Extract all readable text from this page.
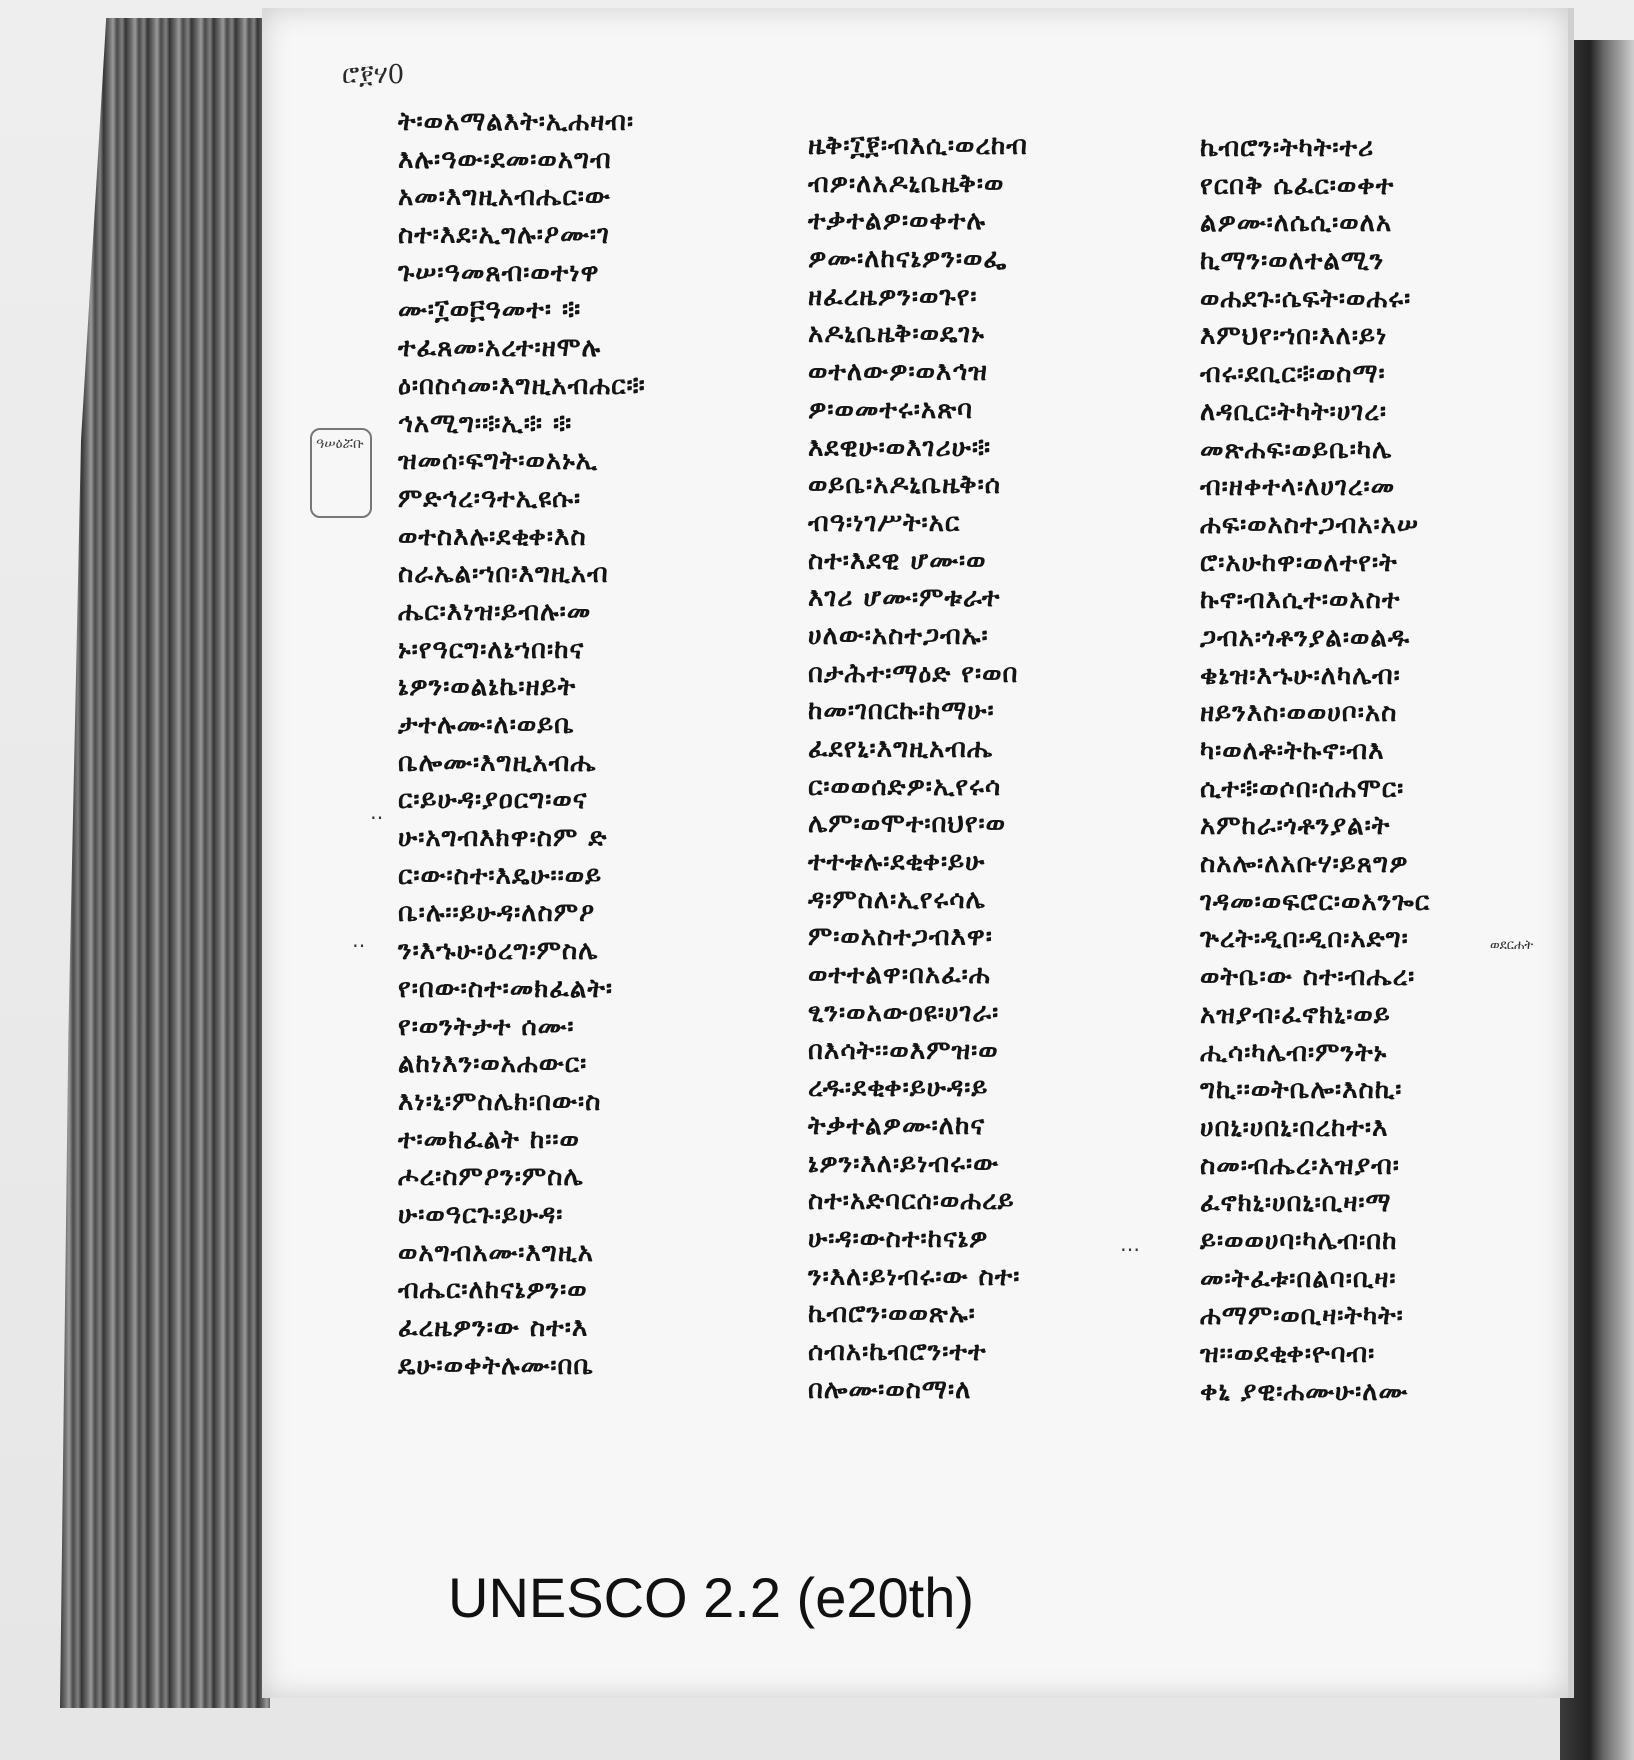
ሮ፻ሃ0
ዓሠዕሯቡ
ወደርሐት
‥
‥
…
ት፡ወአማልእት፡ኢሐዛብ፡
እሉ፡ዓው፡ደመ፡ወአግብ
አመ፡እግዚአብሔር፡ው
ስተ፡እደ፡ኢግሉ፡ዖሙ፡ገ
ጉሠ፡ዓመጸብ፡ወተነዋ
ሙ፡፲ወ፫ዓመተ፡ ፨
ተፈጸመ፡አረተ፡ዘሞሉ
ዕ፡በስሳመ፡እግዚአብሐር፨
ኅአሚግ፡፨ኢ፨ ፨
ዝመሰ፡ፍግት፡ወአኑኢ
ምድኅረ፡ዓተኢዩሱ፡
ወተስእሉ፡ደቂቀ፡እስ
ስራኤል፡ኀበ፡እግዚአብ
ሔር፡እነዝ፡ይብሉ፡መ
ኑ፡የዓርግ፡ለኔኀበ፡ከና
ኔዎን፡ወልኔኬ፡ዘይት
ታተሉሙ፡ለ፡ወይቤ
ቤሎሙ፡እግዚአብሔ
ር፡ይሁዳ፡ያዐርግ፡ወና
ሁ፡አግብእክዋ፡ስም ድ
ር፡ው፡ስተ፡እዴሁ፡፡ወይ
ቤ፡ሉ፡፡ይሁዳ፡ለስምዖ
ን፡እኁሁ፡ዕረግ፡ምስሌ
የ፡በው፡ስተ፡መክፈልት፡
የ፡ወንትታተ ሰሙ፡
ልከነእን፡ወአሐውር፡
እነ፡ኒ፡ምስሌክ፡በው፡ስ
ተ፡መክፈልት ከ፡፡ወ
ሖረ፡ስምዖን፡ምስሌ
ሁ፡ወዓርጉ፡ይሁዳ፡
ወአግብአሙ፡እግዚአ
ብሔር፡ለከናኔዎን፡ወ
ፈረዜዎን፡ው ስተ፡እ
ዴሁ፡ወቀትሉሙ፡በቤ
ዜቅ፡፲፻፡ብእሲ፡ወረከብ
ብዎ፡ለአዶኒቤዜቅ፡ወ
ተቃተልዎ፡ወቀተሉ
ዎሙ፡ለከናኔዎን፡ወፌ
ዘፈረዜዎን፡ወጉየ፡
አዶኒቤዜቅ፡ወዴገኑ
ወተለውዎ፡ወእኅዝ
ዎ፡ወመተሩ፡አጽባ
እደዊሁ፡ወእገሪሁ፨
ወይቤ፡አዶኒቤዜቅ፡ሰ
ብዓ፡ነገሥት፡አር
ስተ፡እደዊ ሆሙ፡ወ
እገሪ ሆሙ፡ምቱራተ
ሀለው፡አስተጋብኡ፡
በታሕተ፡ማዕድ የ፡ወበ
ከመ፡ገበርኩ፡ከማሁ፡
ፈደየኒ፡እግዚአብሔ
ር፡ወወሰድዎ፡ኢየሩሳ
ሌም፡ወሞተ፡በህየ፡ወ
ተተቱሉ፡ደቂቀ፡ይሁ
ዳ፡ምስለ፡ኢየሩሳሌ
ም፡ወአስተጋብእዋ፡
ወተተልዋ፡በአፈ፡ሐ
ፂን፡ወአውዐዩ፡ሀገራ፡
በእሳት፡፡ወእምዝ፡ወ
ረዱ፡ደቂቀ፡ይሁዳ፡ይ
ትቃተልዎሙ፡ለከና
ኔዎን፡እለ፡ይነብሩ፡ው
ስተ፡አድባርሰ፡ወሐረይ
ሁ፡ዳ፡ውስተ፡ከናኔዎ
ን፡እለ፡ይነብሩ፡ው ስተ፡
ኬብሮን፡ወወጽኡ፡
ሰብአ፡ኬብሮን፡ተተ
በሎሙ፡ወስማ፡ለ
ኬብሮን፡ትካት፡ተሪ
የርበቅ ሴፈር፡ወቀተ
ልዎሙ፡ለሴሲ፡ወለአ
ኪማን፡ወለተልሚን
ወሐደጉ፡ሴፍት፡ወሐሩ፡
እምህየ፡ኀበ፡እለ፡ይነ
ብሩ፡ደቢር፨ወስማ፡
ለዳቢር፡ትካት፡ሀገረ፡
መጽሐፍ፡ወይቤ፡ካሌ
ብ፡ዘቀተላ፡ለሀገረ፡መ
ሐፍ፡ወአስተጋብአ፡አሠ
ሮ፡አሁከዋ፡ወለተየ፡ት
ኩኖ፡ብእሲተ፡ወአስተ
ጋብአ፡ጎቶንያል፡ወልዱ
ቄኔዝ፡እኁሁ፡ለካሌብ፡
ዘይንእስ፡ወወሀቦ፡አስ
ካ፡ወለቶ፡ትኩኖ፡ብእ
ሲተ፨ወሶበ፡ሰሐሞር፡
አምከራ፡ጎቶንያል፡ት
ስአሎ፡ለአቡሃ፡ይጸግዎ
ገዳመ፡ወፍሮር፡ወአንጐር
ጕረት፡ዲበ፡ዲበ፡አድግ፡
ወትቤ፡ው ስተ፡ብሔረ፡
አዝያብ፡ፈኖክኒ፡ወይ
ሒሳ፡ካሌብ፡ምንትኑ
ግኪ፡፡ወትቤሎ፡እስኪ፡
ሀበኒ፡ሀበኒ፡በረከተ፡እ
ስመ፡ብሔረ፡አዝያብ፡
ፈኖክኒ፡ሀበኒ፡ቢዛ፡ማ
ይ፡ወወሀባ፡ካሌብ፡በከ
መ፡ትፈቱ፡በልባ፡ቢዛ፡
ሐማም፡ወቢዛ፡ትካት፡
ዝ፡፡ወደቂቀ፡ዮባብ፡
ቀኒ ያዊ፡ሐሙሁ፡ለሙ
UNESCO 2.2 (e20th)
